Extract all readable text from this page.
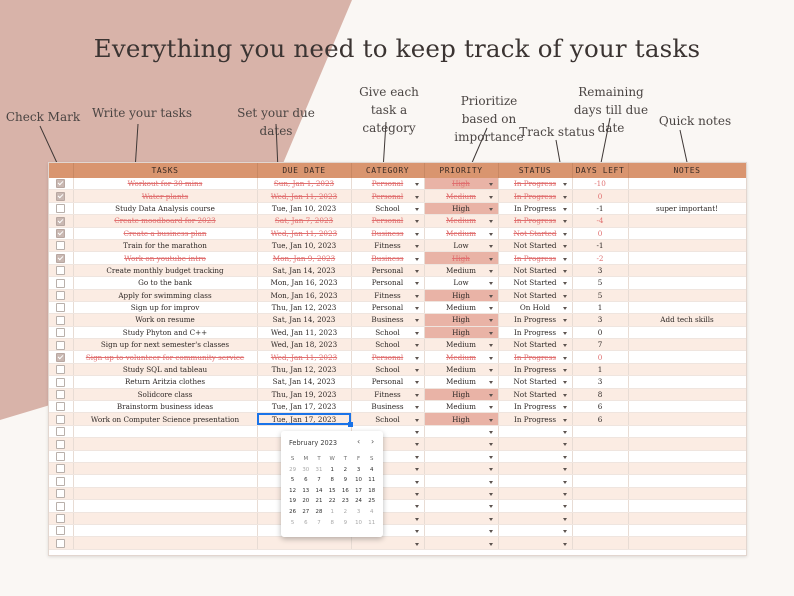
Everything you need to keep track of your tasks
Check Mark Write your tasks	Set your due dates
Give each task a category
Prioritize based on importance
Track status
Remaining days till due date	Quick notes
	TASKS	DUE DATE	CATEGORY	PRIORITY	STATUS	DAYS LEFT	NOTES
	Workout for 30 mins	Sun, Jan 1, 2023	Personal	High	In Progress	-10	
	Water plants	Wed, Jan 11, 2023	Personal	Medium	In Progress	0	
	Study Data Analysis course	Tue, Jan 10, 2023	School	High	In Progress	-1	super important!
	Create moodboard for 2023	Sat, Jan 7, 2023	Personal	Medium	In Progress	-4	
	Create a business plan	Wed, Jan 11, 2023	Business	Medium	Not Started	0	
	Train for the marathon	Tue, Jan 10, 2023	Fitness	Low	Not Started	-1	
	Work on youtube intro	Mon, Jan 9, 2023	Business	High	In Progress	-2	
	Create monthly budget tracking	Sat, Jan 14, 2023	Personal	Medium	Not Started	3	
	Go to the bank	Mon, Jan 16, 2023	Personal	Low	Not Started	5	
	Apply for swimming class	Mon, Jan 16, 2023	Fitness	High	Not Started	5	
	Sign up for improv	Thu, Jan 12, 2023	Personal	Medium	On Hold	1	
	Work on resume	Sat, Jan 14, 2023	Business	High	In Progress	3	Add tech skills
	Study Phyton and C++	Wed, Jan 11, 2023	School	High	In Progress	0	
	Sign up for next semester's classes	Wed, Jan 18, 2023	School	Medium	Not Started	7	
	Sign up to volunteer for community service	Wed, Jan 11, 2023	Personal	Medium	In Progress	0	
	Study SQL and tableau	Thu, Jan 12, 2023	School	Medium	In Progress	1	
	Return Aritzia clothes	Sat, Jan 14, 2023	Personal	Medium	Not Started	3	
	Solidcore class	Thu, Jan 19, 2023	Fitness	High	Not Started	8	
	Brainstorm business ideas	Tue, Jan 17, 2023	Business	Medium	In Progress	6	
	Work on Computer Science presentation	Tue, Jan 17, 2023	School	High	In Progress	6	

February 2023 ‹ ›
S	M	T	W	T	F	S
29	30	31	1	2	3	4
5	6	7	8	9	10	11
12	13	14	15	16	17	18
19	20	21	22	23	24	25
26	27	28	1	2	3	4
5	6	7	8	9	10	11
